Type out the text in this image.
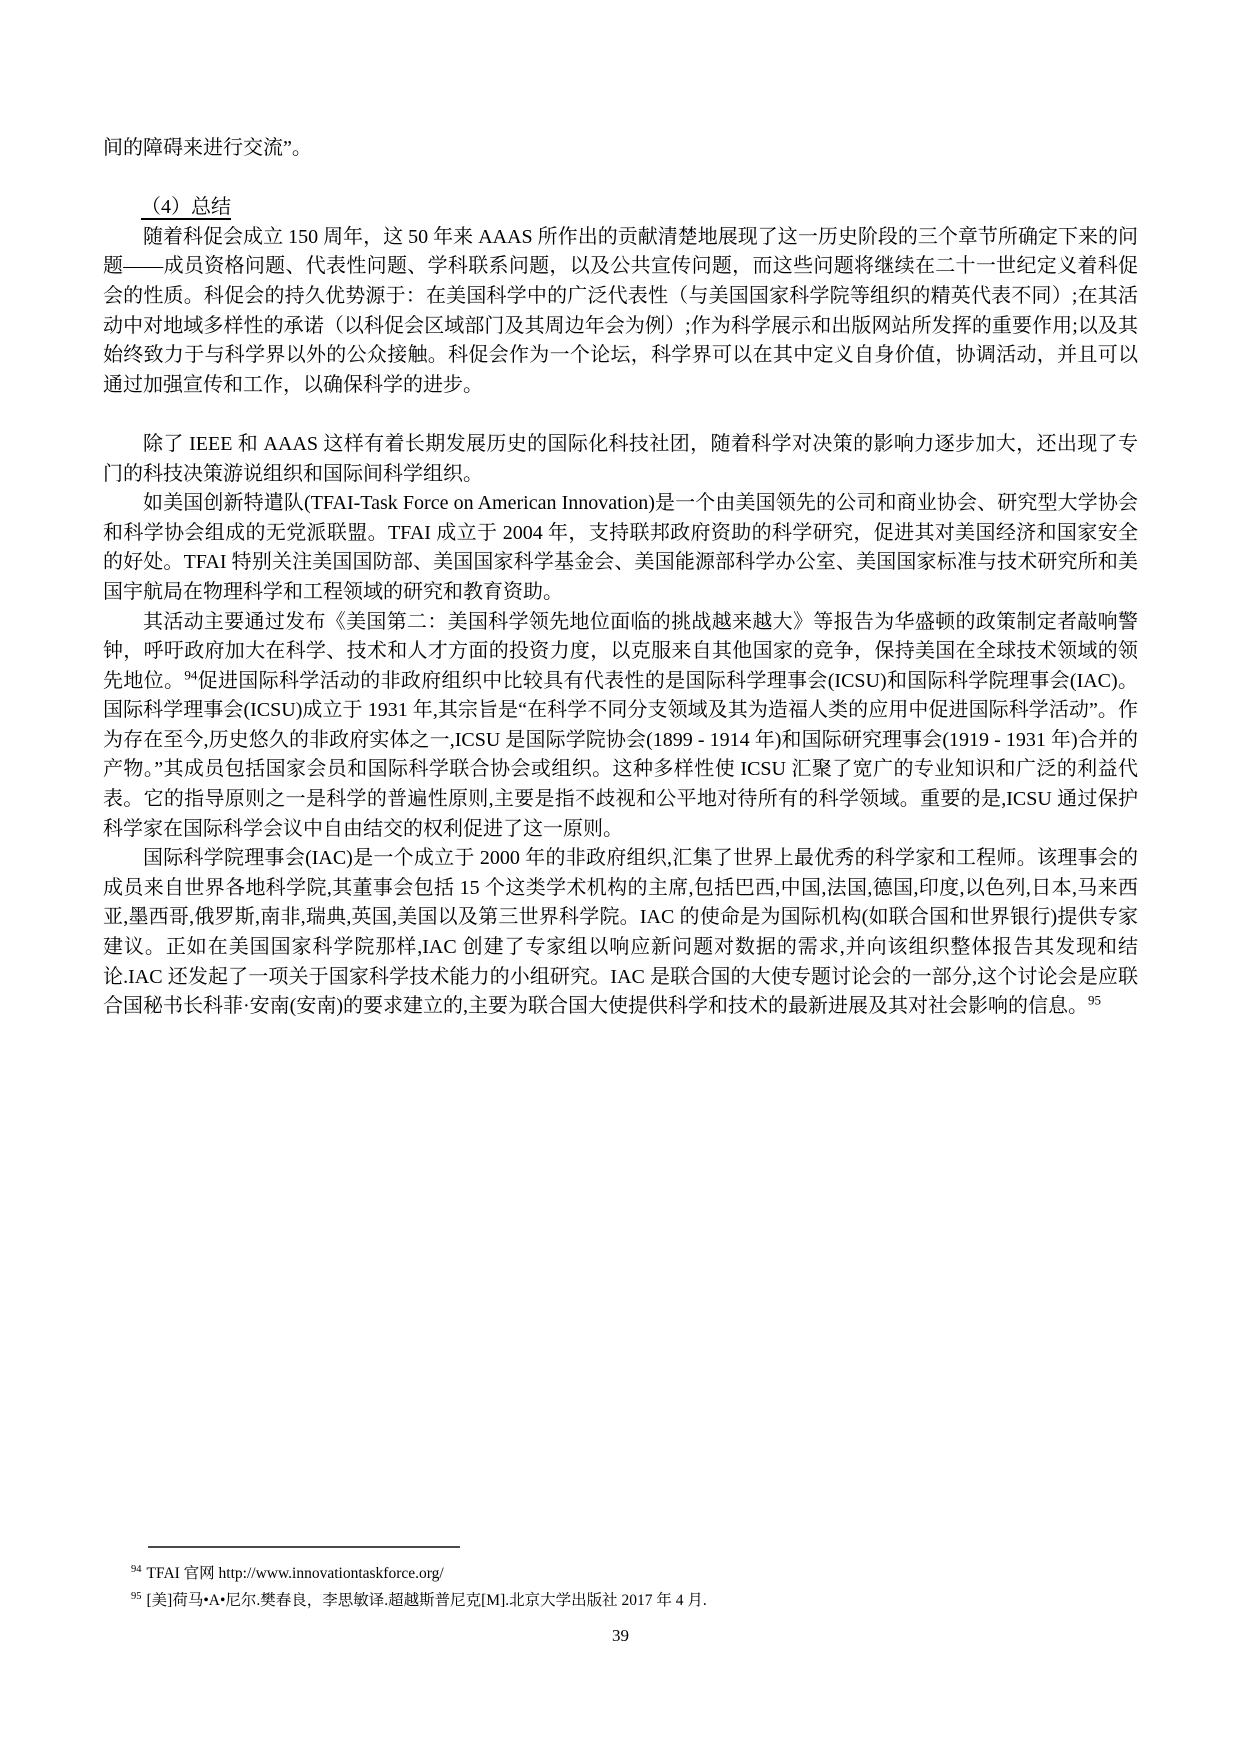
间的障碍来进行交流”。

（4）总结

随着科促会成立 150 周年，这 50 年来 AAAS 所作出的贡献清楚地展现了这一历史阶段的三个章节所确定下来的问题——成员资格问题、代表性问题、学科联系问题，以及公共宣传问题，而这些问题将继续在二十一世纪定义着科促会的性质。科促会的持久优势源于：在美国科学中的广泛代表性（与美国国家科学院等组织的精英代表不同）;在其活动中对地域多样性的承诺（以科促会区域部门及其周边年会为例）;作为科学展示和出版网站所发挥的重要作用;以及其始终致力于与科学界以外的公众接触。科促会作为一个论坛，科学界可以在其中定义自身价值，协调活动，并且可以通过加强宣传和工作，以确保科学的进步。

除了 IEEE 和 AAAS 这样有着长期发展历史的国际化科技社团，随着科学对决策的影响力逐步加大，还出现了专门的科技决策游说组织和国际间科学组织。

如美国创新特遣队(TFAI-Task Force on American Innovation)是一个由美国领先的公司和商业协会、研究型大学协会和科学协会组成的无党派联盟。TFAI 成立于 2004 年，支持联邦政府资助的科学研究，促进其对美国经济和国家安全的好处。TFAI 特别关注美国国防部、美国国家科学基金会、美国能源部科学办公室、美国国家标准与技术研究所和美国宇航局在物理科学和工程领域的研究和教育资助。

其活动主要通过发布《美国第二：美国科学领先地位面临的挑战越来越大》等报告为华盛顿的政策制定者敲响警钟，呼吁政府加大在科学、技术和人才方面的投资力度，以克服来自其他国家的竞争，保持美国在全球技术领域的领先地位。$^{94}$促进国际科学活动的非政府组织中比较具有代表性的是国际科学理事会(ICSU)和国际科学院理事会(IAC)。国际科学理事会(ICSU)成立于 1931 年,其宗旨是“在科学不同分支领域及其为造福人类的应用中促进国际科学活动”。作为存在至今,历史悠久的非政府实体之一,ICSU 是国际学院协会(1899 - 1914 年)和国际研究理事会(1919 - 1931 年)合并的产物。”其成员包括国家会员和国际科学联合协会或组织。这种多样性使 ICSU 汇聚了宽广的专业知识和广泛的利益代表。它的指导原则之一是科学的普遍性原则,主要是指不歧视和公平地对待所有的科学领域。重要的是,ICSU 通过保护科学家在国际科学会议中自由结交的权利促进了这一原则。

国际科学院理事会(IAC)是一个成立于 2000 年的非政府组织,汇集了世界上最优秀的科学家和工程师。该理事会的成员来自世界各地科学院,其董事会包括 15 个这类学术机构的主席,包括巴西,中国,法国,德国,印度,以色列,日本,马来西亚,墨西哥,俄罗斯,南非,瑞典,英国,美国以及第三世界科学院。IAC 的使命是为国际机构(如联合国和世界银行)提供专家建议。正如在美国国家科学院那样,IAC 创建了专家组以响应新问题对数据的需求,并向该组织整体报告其发现和结论.IAC 还发起了一项关于国家科学技术能力的小组研究。IAC 是联合国的大使专题讨论会的一部分,这个讨论会是应联合国秘书长科菲·安南(安南)的要求建立的,主要为联合国大使提供科学和技术的最新进展及其对社会影响的信息。$^{95}$

$^{94}$ TFAI 官网 http://www.innovationtaskforce.org/
$^{95}$ [美]荷马•A•尼尔.樊春良，李思敏译.超越斯普尼克[M].北京大学出版社 2017 年 4 月.
39
